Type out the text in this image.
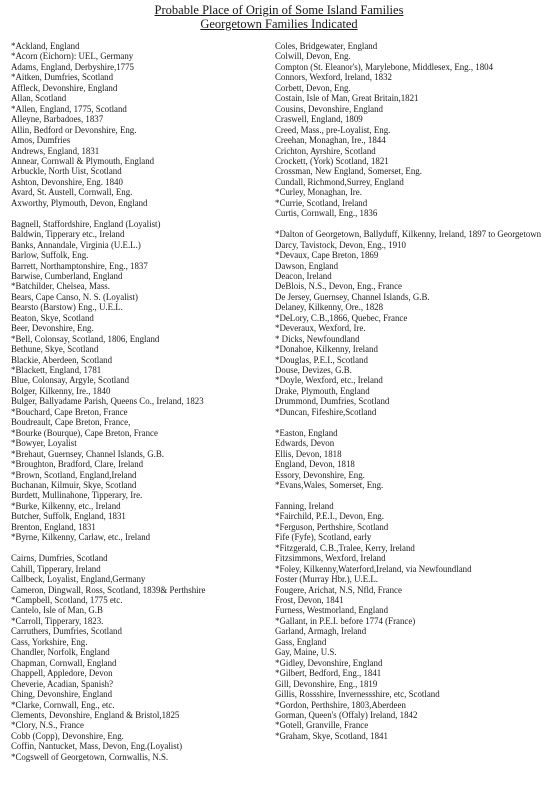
Probable Place of Origin of Some Island Families
Georgetown Families Indicated
*Ackland, England
*Acorn (Eichorn): UEL, Germany
Adams, England, Derbyshire,1775
*Aitken, Dumfries, Scotland
Affleck, Devonshire, England
Allan, Scotland
*Allen, England, 1775, Scotland
Alleyne, Barbadoes, 1837
Allin, Bedford or Devonshire, Eng.
Amos, Dumfries
Andrews, England, 1831
Annear, Cornwall & Plymouth, England
Arbuckle, North Uist, Scotland
Ashton, Devonshire, Eng. 1840
Avard, St. Austell, Cornwall, Eng.
Axworthy, Plymouth, Devon, England
Bagnell, Staffordshire, England (Loyalist)
Baldwin, Tipperary etc., Ireland
Banks, Annandale, Virginia (U.E.L.)
Barlow, Suffolk, Eng.
Barrett, Northamptonshire, Eng., 1837
Barwise, Cumberland, England
*Batchilder, Chelsea, Mass.
Bears, Cape Canso, N. S. (Loyalist)
Bearsto (Barstow) Eng., U.E.L.
Beaton, Skye, Scotland
Beer, Devonshire, Eng.
*Bell, Colonsay, Scotland, 1806, England
Bethune, Skye, Scotland
Blackie, Aberdeen, Scotland
*Blackett, England, 1781
Blue, Colonsay, Argyle, Scotland
Bolger, Kilkenny, Ire., 1840
Bulger, Ballyadame Parish, Queens Co., Ireland, 1823
*Bouchard, Cape Breton, France
Boudreault, Cape Breton, France,
*Bourke (Bourque), Cape Breton, France
*Bowyer, Loyalist
*Brehaut, Guernsey, Channel Islands, G.B.
*Broughton, Bradford, Clare, Ireland
*Brown, Scotland, England,Ireland
Buchanan, Kilmuir, Skye, Scotland
Burdett, Mullinahone, Tipperary, Ire.
*Burke, Kilkenny, etc., Ireland
Butcher, Suffolk, England, 1831
Brenton, England, 1831
*Byrne, Kilkenny, Carlaw, etc., Ireland
Cairns, Dumfries, Scotland
Cahill, Tipperary, Ireland
Callbeck, Loyalist, England,Germany
Cameron, Dingwall, Ross, Scotland, 1839& Perthshire
*Campbell, Scotland, 1775 etc.
Cantelo, Isle of Man, G.B
*Carroll, Tipperary, 1823.
Carruthers, Dumfries, Scotland
Cass, Yorkshire, Eng.
Chandler, Norfolk, England
Chapman, Cornwall, England
Chappell, Appledore, Devon
Cheverie, Acadian, Spanish?
Ching, Devonshire, England
*Clarke, Cornwall, Eng., etc.
Clements, Devonshire, England & Bristol,1825
*Clory, N.S., France
Cobb (Copp), Devonshire, Eng.
Coffin, Nantucket, Mass, Devon, Eng.(Loyalist)
*Cogswell of Georgetown, Cornwallis, N.S.
Coles, Bridgewater, England
Colwill, Devon, Eng.
Compton (St. Eleanor's), Marylebone, Middlesex, Eng., 1804
Connors, Wexford, Ireland, 1832
Corbett, Devon, Eng.
Costain, Isle of Man, Great Britain,1821
Cousins, Devonshire, England
Craswell, England, 1809
Creed, Mass., pre-Loyalist, Eng.
Creehan, Monaghan, Ire., 1844
Crichton, Ayrshire, Scotland
Crockett, (York) Scotland, 1821
Crossman, New England, Somerset, Eng.
Cundall, Richmond,Surrey, England
*Curley, Monaghan, Ire.
*Currie, Scotland, Ireland
Curtis, Cornwall, Eng., 1836
*Dalton of Georgetown, Ballyduff, Kilkenny, Ireland, 1897 to Georgetown
Darcy, Tavistock, Devon, Eng., 1910
*Devaux, Cape Breton, 1869
Dawson, England
Deacon, Ireland
DeBlois, N.S., Devon, Eng., France
De Jersey, Guernsey, Channel Islands, G.B.
Delaney, Kilkenny, Ore., 1828
*DeLory, C.B.,1866, Quebec, France
*Deveraux, Wexford, Ire.
* Dicks, Newfoundland
*Donahoe, Kilkenny, Ireland
*Douglas, P.E.I., Scotland
Douse, Devizes, G.B.
*Doyle, Wexford, etc., Ireland
Drake, Plymouth, England
Drummond, Dumfries, Scotland
*Duncan, Fifeshire,Scotland
*Easton, England
Edwards, Devon
Ellis, Devon, 1818
England, Devon, 1818
Essory, Devonshire, Eng.
*Evans,Wales, Somerset, Eng.
Fanning, Ireland
*Fairchild, P.E.I., Devon, Eng.
*Ferguson, Perthshire, Scotland
Fife (Fyfe), Scotland, early
*Fitzgerald, C.B.,Tralee, Kerry, Ireland
Fitzsimmons, Wexford, Ireland
*Foley, Kilkenny,Waterford,Ireland, via Newfoundland
Foster (Murray Hbr.), U.E.L.
Fougere, Arichat, N.S, Nfld, France
Frost, Devon, 1841
Furness, Westmorland, England
*Gallant, in P.E.I. before 1774 (France)
Garland, Armagh, Ireland
Gass, England
Gay, Maine, U.S.
*Gidley, Devonshire, England
*Gilbert, Bedford, Eng., 1841
Gill, Devonshire, Eng., 1819
Gillis, Rossshire, Invernessshire, etc, Scotland
*Gordon, Perthshire, 1803,Aberdeen
Gorman, Queen's (Offaly) Ireland, 1842
*Gotell, Granville, France
*Graham, Skye, Scotland, 1841
